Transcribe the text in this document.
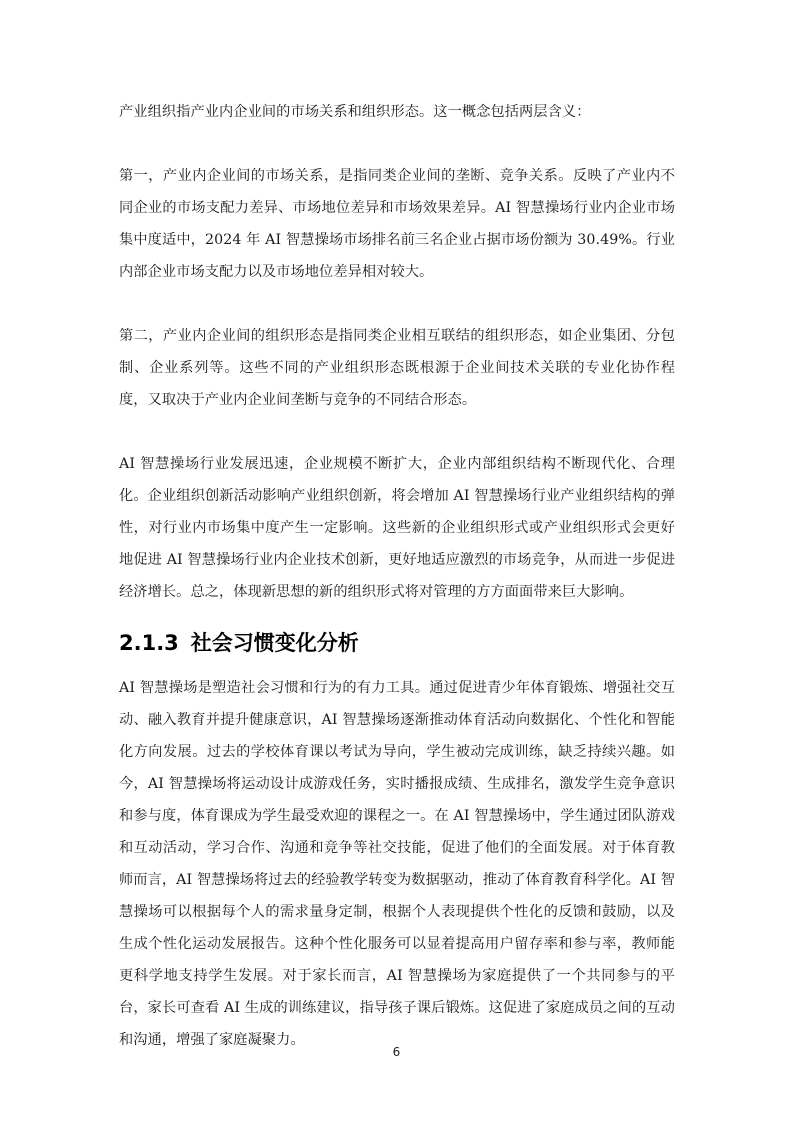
产业组织指产业内企业间的市场关系和组织形态。这一概念包括两层含义：

第一，产业内企业间的市场关系，是指同类企业间的垄断、竞争关系。反映了产业内不同企业的市场支配力差异、市场地位差异和市场效果差异。AI 智慧操场行业内企业市场集中度适中，2024 年 AI 智慧操场市场排名前三名企业占据市场份额为 30.49%。行业内部企业市场支配力以及市场地位差异相对较大。

第二，产业内企业间的组织形态是指同类企业相互联结的组织形态，如企业集团、分包制、企业系列等。这些不同的产业组织形态既根源于企业间技术关联的专业化协作程度，又取决于产业内企业间垄断与竞争的不同结合形态。

AI 智慧操场行业发展迅速，企业规模不断扩大，企业内部组织结构不断现代化、合理化。企业组织创新活动影响产业组织创新，将会增加 AI 智慧操场行业产业组织结构的弹性，对行业内市场集中度产生一定影响。这些新的企业组织形式或产业组织形式会更好地促进 AI 智慧操场行业内企业技术创新，更好地适应激烈的市场竞争，从而进一步促进经济增长。总之，体现新思想的新的组织形式将对管理的方方面面带来巨大影响。

2.1.3 社会习惯变化分析

AI 智慧操场是塑造社会习惯和行为的有力工具。通过促进青少年体育锻炼、增强社交互动、融入教育并提升健康意识，AI 智慧操场逐渐推动体育活动向数据化、个性化和智能化方向发展。过去的学校体育课以考试为导向，学生被动完成训练，缺乏持续兴趣。如今，AI 智慧操场将运动设计成游戏任务，实时播报成绩、生成排名，激发学生竞争意识和参与度，体育课成为学生最受欢迎的课程之一。在 AI 智慧操场中，学生通过团队游戏和互动活动，学习合作、沟通和竞争等社交技能，促进了他们的全面发展。对于体育教师而言，AI 智慧操场将过去的经验教学转变为数据驱动，推动了体育教育科学化。AI 智慧操场可以根据每个人的需求量身定制，根据个人表现提供个性化的反馈和鼓励，以及生成个性化运动发展报告。这种个性化服务可以显着提高用户留存率和参与率，教师能更科学地支持学生发展。对于家长而言，AI 智慧操场为家庭提供了一个共同参与的平台，家长可查看 AI 生成的训练建议，指导孩子课后锻炼。这促进了家庭成员之间的互动和沟通，增强了家庭凝聚力。

6
